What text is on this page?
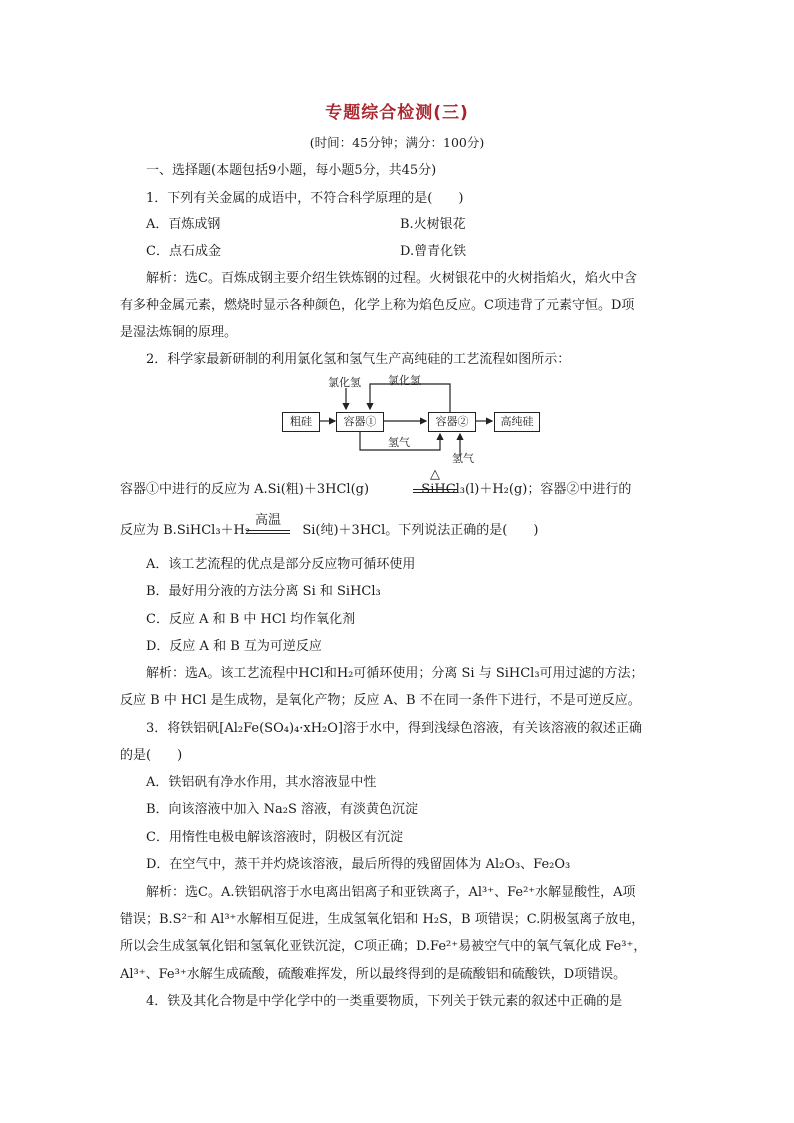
专题综合检测(三)
(时间：45分钟；满分：100分)
一、选择题(本题包括9小题，每小题5分，共45分)
1．下列有关金属的成语中，不符合科学原理的是(　　)
A．百炼成钢	B.火树银花
C．点石成金	D.曾青化铁
解析：选C。百炼成钢主要介绍生铁炼钢的过程。火树银花中的火树指焰火，焰火中含
有多种金属元素，燃烧时显示各种颜色，化学上称为焰色反应。C项违背了元素守恒。D项
是湿法炼铜的原理。
2．科学家最新研制的利用氯化氢和氢气生产高纯硅的工艺流程如图所示：
粗硅	容器①	容器②	高纯硅
氯化氢 氯化氢
氢气
氢气
容器①中进行的反应为 A.Si(粗)＋3HCl(g)	SiHCl₃(l)＋H₂(g)；容器②中进行的
△
反应为 B.SiHCl₃＋H₂	Si(纯)＋3HCl。下列说法正确的是(　　)
高温
A．该工艺流程的优点是部分反应物可循环使用
B．最好用分液的方法分离 Si 和 SiHCl₃
C．反应 A 和 B 中 HCl 均作氧化剂
D．反应 A 和 B 互为可逆反应
解析：选A。该工艺流程中HCl和H₂可循环使用；分离 Si 与 SiHCl₃可用过滤的方法；
反应 B 中 HCl 是生成物，是氧化产物；反应 A、B 不在同一条件下进行，不是可逆反应。
3．将铁铝矾[Al₂Fe(SO₄)₄·xH₂O]溶于水中，得到浅绿色溶液，有关该溶液的叙述正确
的是(　　)
A．铁铝矾有净水作用，其水溶液显中性
B．向该溶液中加入 Na₂S 溶液，有淡黄色沉淀
C．用惰性电极电解该溶液时，阴极区有沉淀
D．在空气中，蒸干并灼烧该溶液，最后所得的残留固体为 Al₂O₃、Fe₂O₃
解析：选C。A.铁铝矾溶于水电离出铝离子和亚铁离子，Al³⁺、Fe²⁺水解显酸性，A项
错误；B.S²⁻和 Al³⁺水解相互促进，生成氢氧化铝和 H₂S，B 项错误；C.阴极氢离子放电，
所以会生成氢氧化铝和氢氧化亚铁沉淀，C项正确；D.Fe²⁺易被空气中的氧气氧化成 Fe³⁺，
Al³⁺、Fe³⁺水解生成硫酸，硫酸难挥发，所以最终得到的是硫酸铝和硫酸铁，D项错误。
4．铁及其化合物是中学化学中的一类重要物质，下列关于铁元素的叙述中正确的是
